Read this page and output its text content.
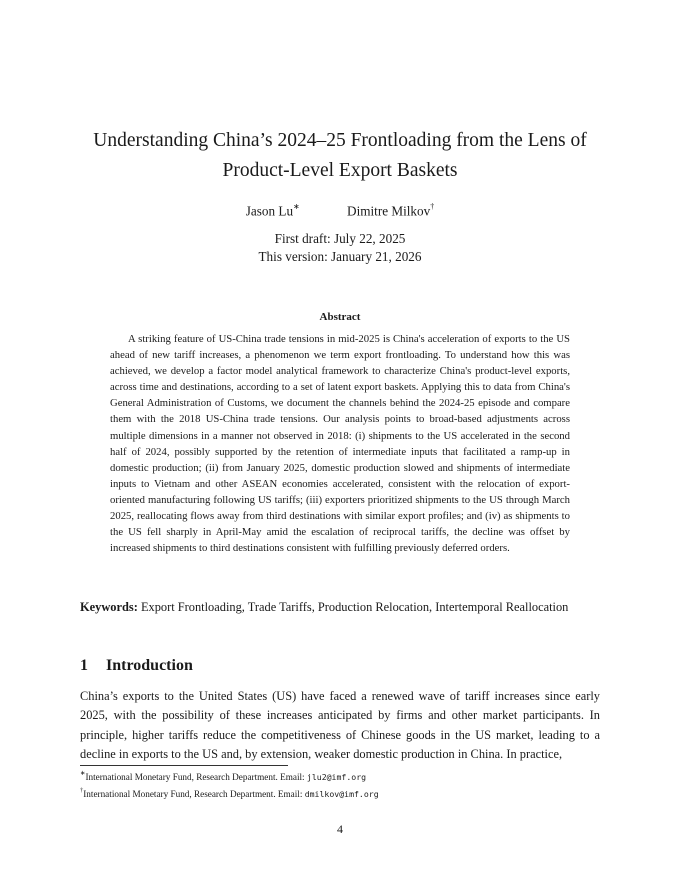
Understanding China’s 2024–25 Frontloading from the Lens of
Product-Level Export Baskets
Jason Lu∗	Dimitre Milkov†
First draft: July 22, 2025
This version: January 21, 2026
Abstract
A striking feature of US-China trade tensions in mid-2025 is China's acceleration of exports to the US ahead of new tariff increases, a phenomenon we term export frontloading. To understand how this was achieved, we develop a factor model analytical framework to characterize China's product-level exports, across time and destinations, according to a set of latent export baskets. Applying this to data from China's General Administration of Customs, we document the channels behind the 2024-25 episode and compare them with the 2018 US-China trade tensions. Our analysis points to broad-based adjustments across multiple dimensions in a manner not observed in 2018: (i) shipments to the US accelerated in the second half of 2024, possibly supported by the retention of intermediate inputs that facilitated a ramp-up in domestic production; (ii) from January 2025, domestic production slowed and shipments of intermediate inputs to Vietnam and other ASEAN economies accelerated, consistent with the relocation of export-oriented manufacturing following US tariffs; (iii) exporters prioritized shipments to the US through March 2025, reallocating flows away from third destinations with similar export profiles; and (iv) as shipments to the US fell sharply in April-May amid the escalation of reciprocal tariffs, the decline was offset by increased shipments to third destinations consistent with fulfilling previously deferred orders.
Keywords: Export Frontloading, Trade Tariffs, Production Relocation, Intertemporal Reallocation
1 Introduction
China’s exports to the United States (US) have faced a renewed wave of tariff increases since early 2025, with the possibility of these increases anticipated by firms and other market participants. In principle, higher tariffs reduce the competitiveness of Chinese goods in the US market, leading to a decline in exports to the US and, by extension, weaker domestic production in China. In practice,
∗International Monetary Fund, Research Department. Email: jlu2@imf.org
†International Monetary Fund, Research Department. Email: dmilkov@imf.org
4
